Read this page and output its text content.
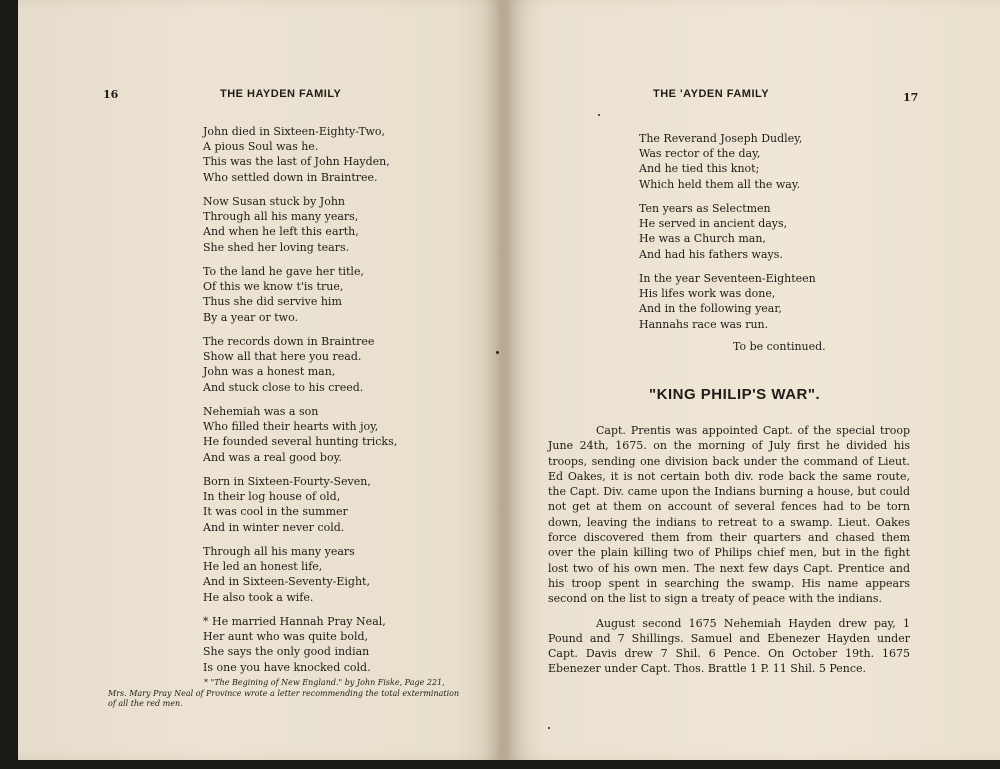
16	THE HAYDEN FAMILY
John died in Sixteen-Eighty-Two,
A pious Soul was he.
This was the last of John Hayden,
Who settled down in Braintree.
Now Susan stuck by John
Through all his many years,
And when he left this earth,
She shed her loving tears.
To the land he gave her title,
Of this we know t'is true,
Thus she did servive him
By a year or two.
The records down in Braintree
Show all that here you read.
John was a honest man,
And stuck close to his creed.
Nehemiah was a son
Who filled their hearts with joy,
He founded several hunting tricks,
And was a real good boy.
Born in Sixteen-Fourty-Seven,
In their log house of old,
It was cool in the summer
And in winter never cold.
Through all his many years
He led an honest life,
And in Sixteen-Seventy-Eight,
He also took a wife.
* He married Hannah Pray Neal,
Her aunt who was quite bold,
She says the only good indian
Is one you have knocked cold.
* "The Begining of New England." by John Fiske, Page 221,
Mrs. Mary Pray Neal of Province wrote a letter recommending the total extermination
of all the red men.
THE 'AYDEN FAMILY	17
The Reverand Joseph Dudley,
Was rector of the day,
And he tied this knot;
Which held them all the way.
Ten years as Selectmen
He served in ancient days,
He was a Church man,
And had his fathers ways.
In the year Seventeen-Eighteen
His lifes work was done,
And in the following year,
Hannahs race was run.
To be continued.
"KING PHILIP'S WAR".

Capt. Prentis was appointed Capt. of the special troop June 24th, 1675. on the morning of July first he divided his troops, sending one division back under the command of Lieut. Ed Oakes, it is not certain both div. rode back the same route, the Capt. Div. came upon the Indians burning a house, but could not get at them on account of several fences had to be torn down, leaving the indians to retreat to a swamp. Lieut. Oakes force discovered them from their quarters and chased them over the plain killing two of Philips chief men, but in the fight lost two of his own men. The next few days Capt. Prentice and his troop spent in searching the swamp. His name appears second on the list to sign a treaty of peace with the indians.

August second 1675 Nehemiah Hayden drew pay, 1 Pound and 7 Shillings. Samuel and Ebenezer Hayden under Capt. Davis drew 7 Shil. 6 Pence. On October 19th. 1675 Ebenezer under Capt. Thos. Brattle 1 P. 11 Shil. 5 Pence.
